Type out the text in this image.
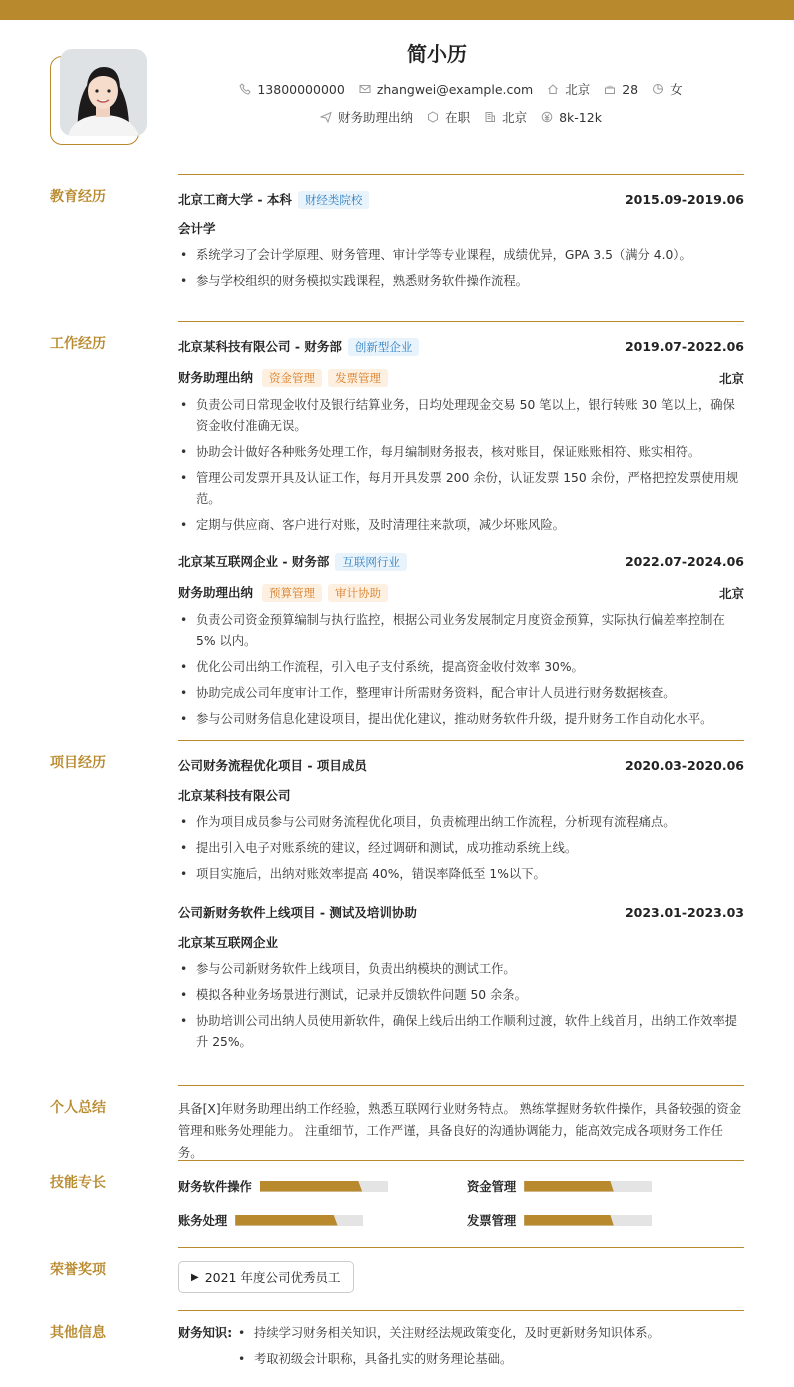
简小历
13800000000	zhangwei@example.com	北京	28	女
财务助理出纳	在职	北京	8k-12k
教育经历	北京工商大学 - 本科 财经类院校	2015.09-2019.06
会计学
• 系统学习了会计学原理、财务管理、审计学等专业课程，成绩优异，GPA 3.5（满分 4.0）。
• 参与学校组织的财务模拟实践课程，熟悉财务软件操作流程。
工作经历	北京某科技有限公司 - 财务部 创新型企业	2019.07-2022.06
财务助理出纳 资金管理 发票管理	北京
• 负责公司日常现金收付及银行结算业务，日均处理现金交易 50 笔以上，银行转账 30 笔以上，确保资金收付准确无误。
• 协助会计做好各种账务处理工作，每月编制财务报表，核对账目，保证账账相符、账实相符。
• 管理公司发票开具及认证工作，每月开具发票 200 余份，认证发票 150 余份，严格把控发票使用规范。
• 定期与供应商、客户进行对账，及时清理往来款项，减少坏账风险。
北京某互联网企业 - 财务部 互联网行业	2022.07-2024.06
财务助理出纳 预算管理 审计协助	北京
• 负责公司资金预算编制与执行监控，根据公司业务发展制定月度资金预算，实际执行偏差率控制在 5% 以内。
• 优化公司出纳工作流程，引入电子支付系统，提高资金收付效率 30%。
• 协助完成公司年度审计工作，整理审计所需财务资料，配合审计人员进行财务数据核查。
• 参与公司财务信息化建设项目，提出优化建议，推动财务软件升级，提升财务工作自动化水平。
项目经历	公司财务流程优化项目 - 项目成员	2020.03-2020.06
北京某科技有限公司
• 作为项目成员参与公司财务流程优化项目，负责梳理出纳工作流程，分析现有流程痛点。
• 提出引入电子对账系统的建议，经过调研和测试，成功推动系统上线。
• 项目实施后，出纳对账效率提高 40%，错误率降低至 1%以下。
公司新财务软件上线项目 - 测试及培训协助	2023.01-2023.03
北京某互联网企业
• 参与公司新财务软件上线项目，负责出纳模块的测试工作。
• 模拟各种业务场景进行测试，记录并反馈软件问题 50 余条。
• 协助培训公司出纳人员使用新软件，确保上线后出纳工作顺利过渡，软件上线首月，出纳工作效率提升 25%。
个人总结	具备[X]年财务助理出纳工作经验，熟悉互联网行业财务特点。 熟练掌握财务软件操作，具备较强的资金管理和账务处理能力。 注重细节，工作严谨，具备良好的沟通协调能力，能高效完成各项财务工作任务。
技能专长	财务软件操作	资金管理
账务处理	发票管理
荣誉奖项	▶ 2021 年度公司优秀员工
其他信息	财务知识:
•	持续学习财务相关知识，关注财经法规政策变化，及时更新财务知识体系。
• 考取初级会计职称，具备扎实的财务理论基础。
